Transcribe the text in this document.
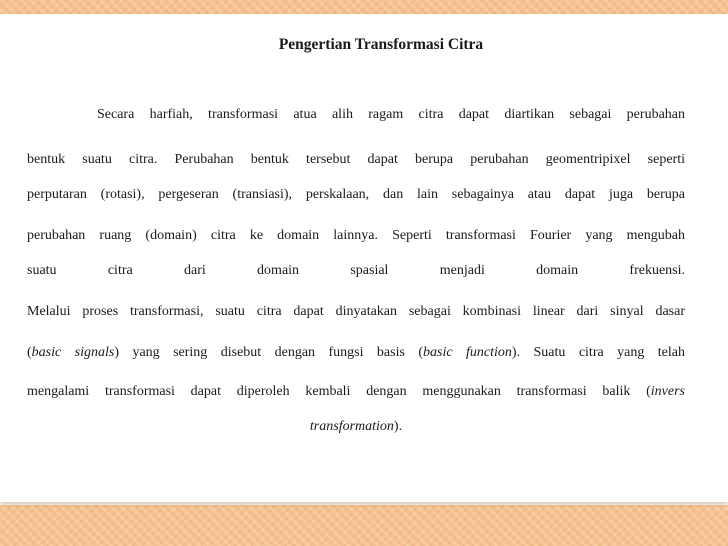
Pengertian Transformasi Citra
Secara harfiah, transformasi atua alih ragam citra dapat diartikan sebagai perubahan
bentuk suatu citra. Perubahan bentuk tersebut dapat berupa perubahan geomentripixel seperti
perputaran (rotasi), pergeseran (transiasi), perskalaan, dan lain sebagainya atau dapat juga berupa
perubahan ruang (domain) citra ke domain lainnya. Seperti transformasi Fourier yang mengubah
suatu citra dari domain spasial menjadi domain frekuensi.
Melalui proses transformasi, suatu citra dapat dinyatakan sebagai kombinasi linear dari sinyal dasar
(basic signals) yang sering disebut dengan fungsi basis (basic function). Suatu citra yang telah
mengalami transformasi dapat diperoleh kembali dengan menggunakan transformasi balik (invers
transformation).
